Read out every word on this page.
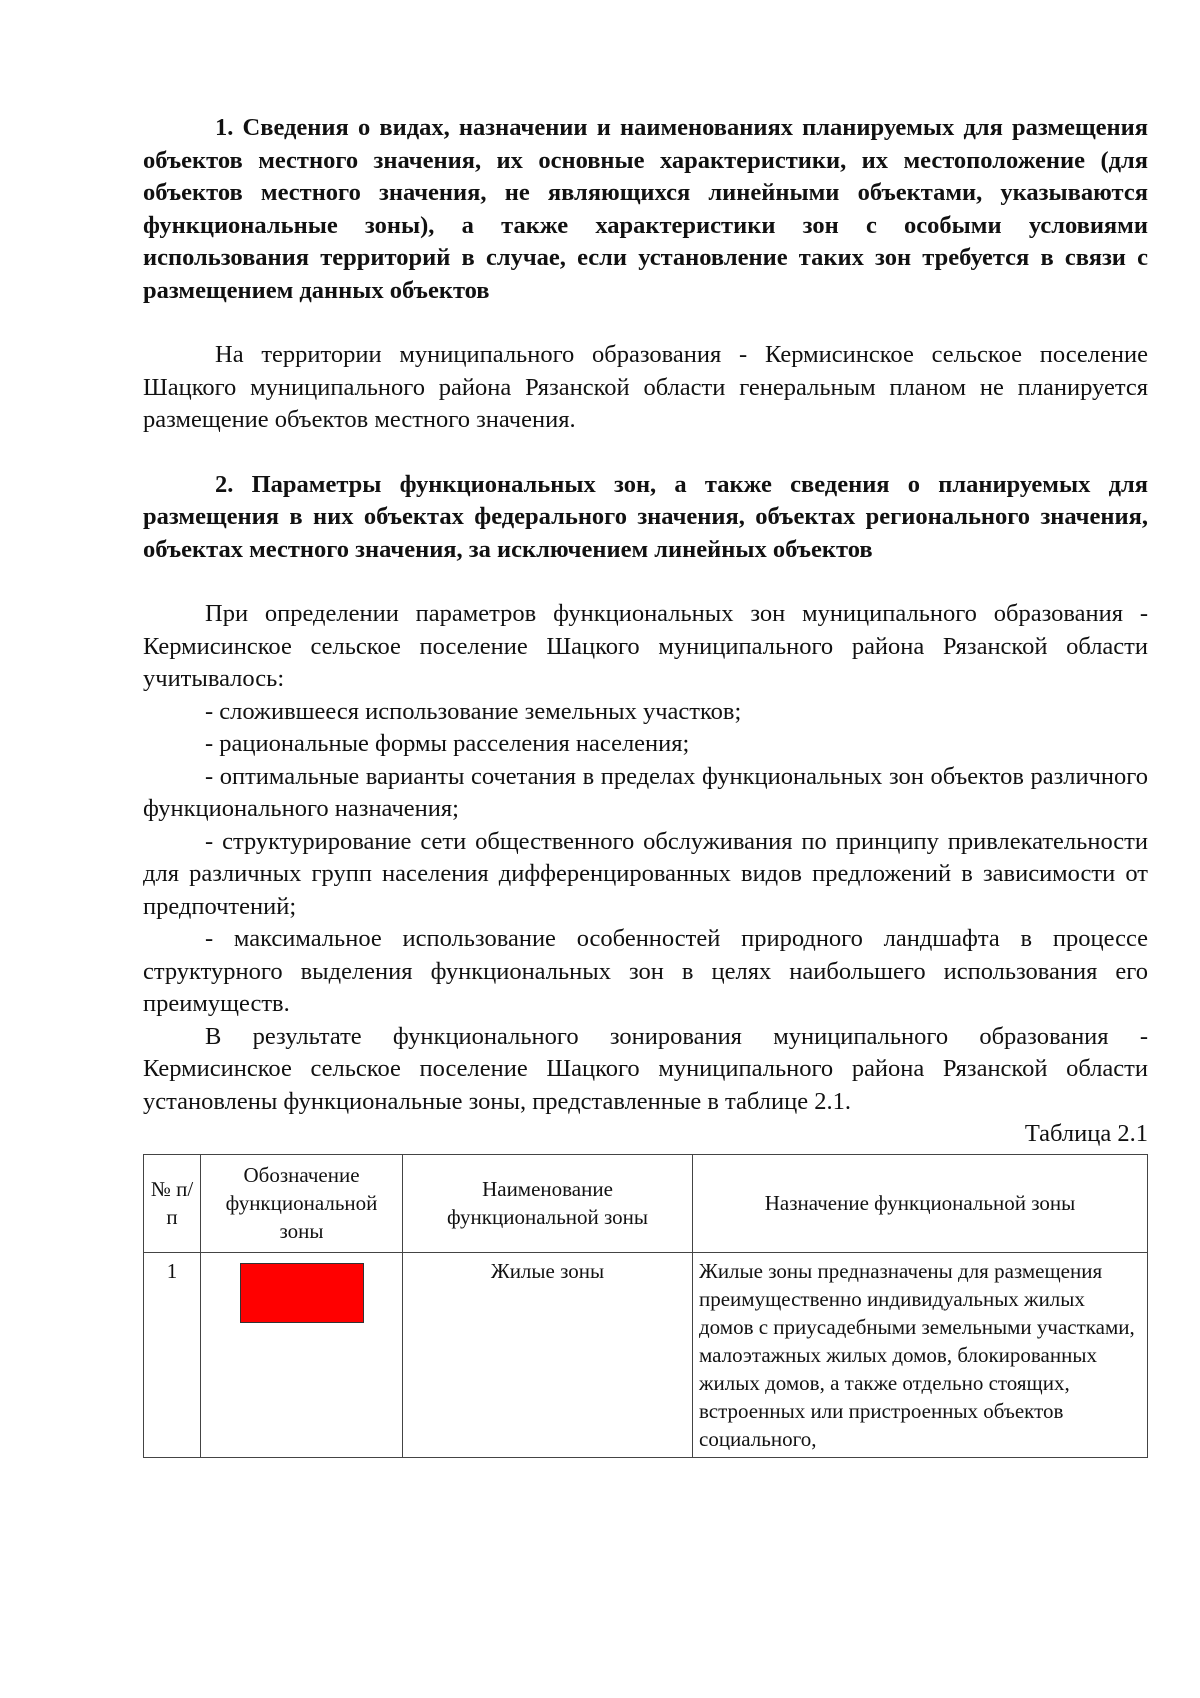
1. Сведения о видах, назначении и наименованиях планируемых для размещения объектов местного значения, их основные характеристики, их местоположение (для объектов местного значения, не являющихся линейными объектами, указываются функциональные зоны), а также характеристики зон с особыми условиями использования территорий в случае, если установление таких зон требуется в связи с размещением данных объектов

На территории муниципального образования - Кермисинское сельское поселение Шацкого муниципального района Рязанской области генеральным планом не планируется размещение объектов местного значения.

2. Параметры функциональных зон, а также сведения о планируемых для размещения в них объектах федерального значения, объектах регионального значения, объектах местного значения, за исключением линейных объектов

При определении параметров функциональных зон муниципального образования - Кермисинское сельское поселение Шацкого муниципального района Рязанской области учитывалось:

- сложившееся использование земельных участков;

- рациональные формы расселения населения;

- оптимальные варианты сочетания в пределах функциональных зон объектов различного функционального назначения;

- структурирование сети общественного обслуживания по принципу привлекательности для различных групп населения дифференцированных видов предложений в зависимости от предпочтений;

- максимальное использование особенностей природного ландшафта в процессе структурного выделения функциональных зон в целях наибольшего использования его преимуществ.

В результате функционального зонирования муниципального образования - Кермисинское сельское поселение Шацкого муниципального района Рязанской области установлены функциональные зоны, представленные в таблице 2.1.

Таблица 2.1

№ п/п	Обозначение функциональной зоны	Наименование функциональной зоны	Назначение функциональной зоны
1		Жилые зоны	Жилые зоны предназначены для размещения преимущественно индивидуальных жилых домов с приусадебными земельными участками, малоэтажных жилых домов, блокированных жилых домов, а также отдельно стоящих, встроенных или пристроенных объектов социального,
